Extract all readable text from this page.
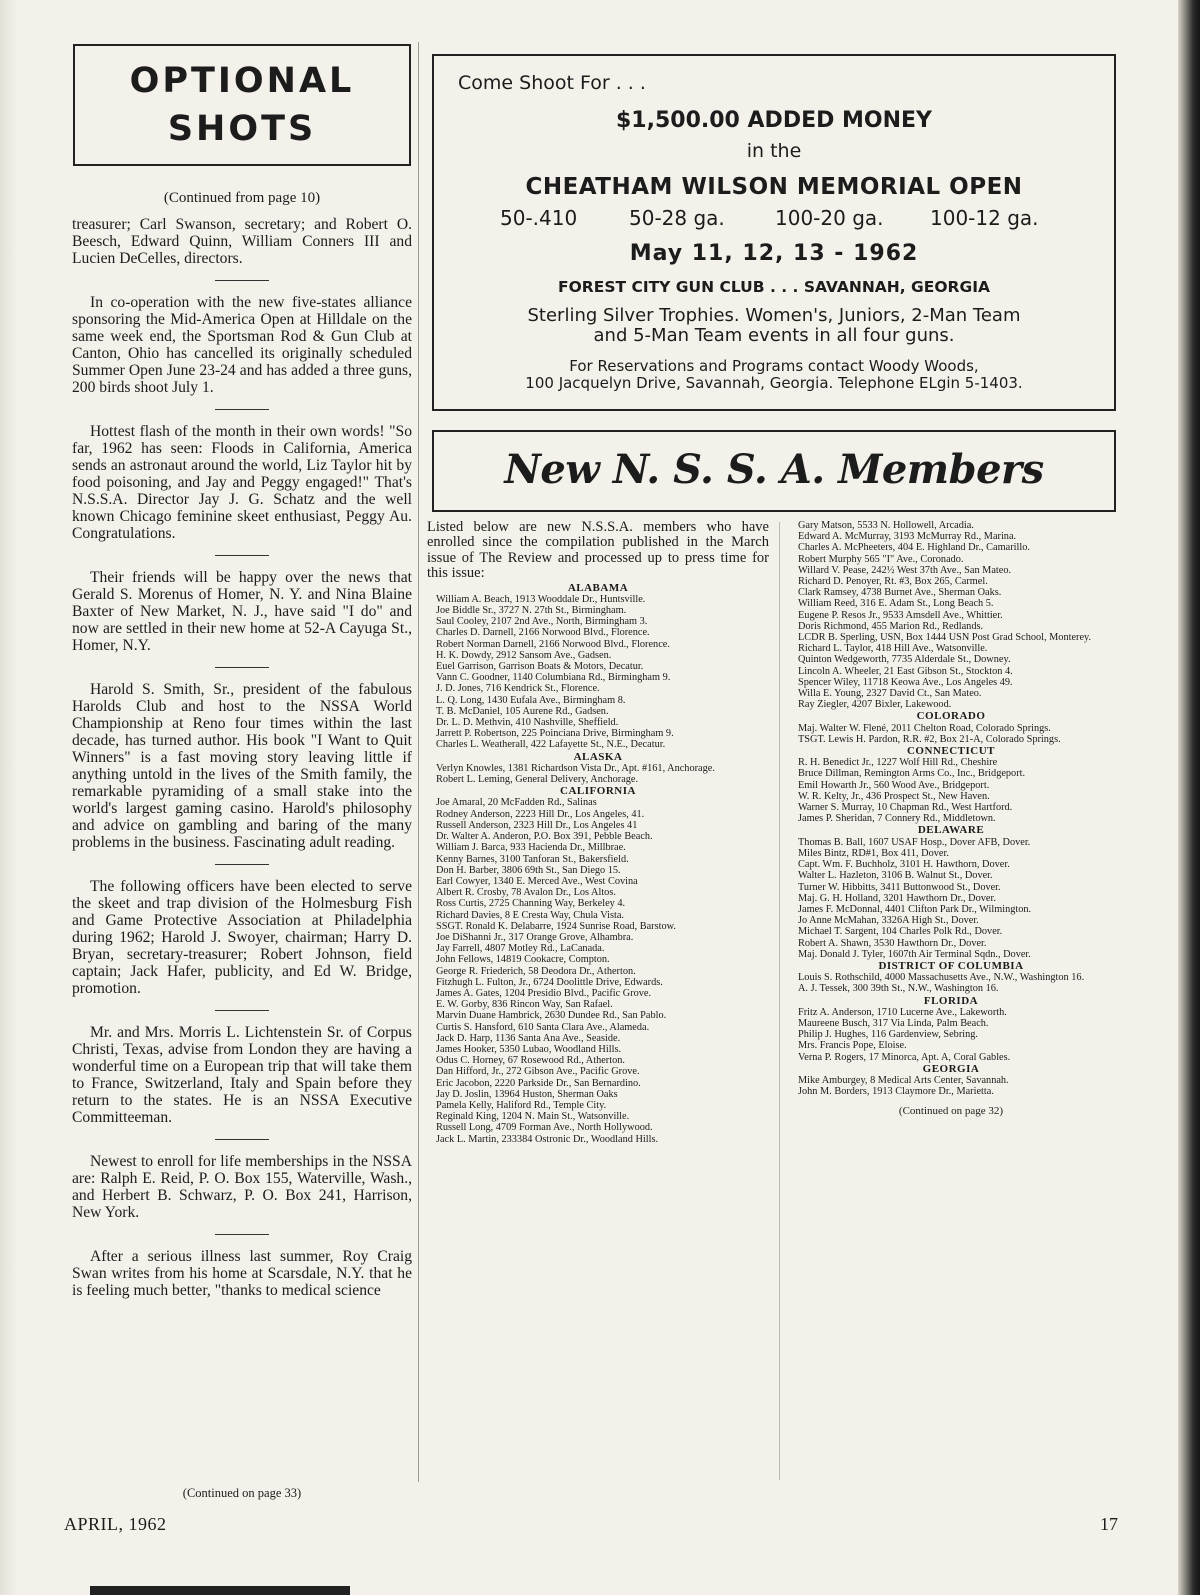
OPTIONAL
SHOTS

(Continued from page 10)

treasurer; Carl Swanson, secretary; and Robert O. Beesch, Edward Quinn, William Conners III and Lucien DeCelles, directors.

In co-operation with the new five-states alliance sponsoring the Mid-America Open at Hilldale on the same week end, the Sportsman Rod & Gun Club at Canton, Ohio has cancelled its originally scheduled Summer Open June 23-24 and has added a three guns, 200 birds shoot July 1.

Hottest flash of the month in their own words! "So far, 1962 has seen: Floods in California, America sends an astronaut around the world, Liz Taylor hit by food poisoning, and Jay and Peggy engaged!" That's N.S.S.A. Director Jay J. G. Schatz and the well known Chicago feminine skeet enthusiast, Peggy Au. Congratulations.

Their friends will be happy over the news that Gerald S. Morenus of Homer, N. Y. and Nina Blaine Baxter of New Market, N. J., have said "I do" and now are settled in their new home at 52-A Cayuga St., Homer, N.Y.

Harold S. Smith, Sr., president of the fabulous Harolds Club and host to the NSSA World Championship at Reno four times within the last decade, has turned author. His book "I Want to Quit Winners" is a fast moving story leaving little if anything untold in the lives of the Smith family, the remarkable pyramiding of a small stake into the world's largest gaming casino. Harold's philosophy and advice on gambling and baring of the many problems in the business. Fascinating adult reading.

The following officers have been elected to serve the skeet and trap division of the Holmesburg Fish and Game Protective Association at Philadelphia during 1962; Harold J. Swoyer, chairman; Harry D. Bryan, secretary-treasurer; Robert Johnson, field captain; Jack Hafer, publicity, and Ed W. Bridge, promotion.

Mr. and Mrs. Morris L. Lichtenstein Sr. of Corpus Christi, Texas, advise from London they are having a wonderful time on a European trip that will take them to France, Switzerland, Italy and Spain before they return to the states. He is an NSSA Executive Committeeman.

Newest to enroll for life memberships in the NSSA are: Ralph E. Reid, P. O. Box 155, Waterville, Wash., and Herbert B. Schwarz, P. O. Box 241, Harrison, New York.

After a serious illness last summer, Roy Craig Swan writes from his home at Scarsdale, N.Y. that he is feeling much better, "thanks to medical science

(Continued on page 33)
Come Shoot For . . .
$1,500.00 ADDED MONEY
in the
CHEATHAM WILSON MEMORIAL OPEN
50-.410	50-28 ga.	100-20 ga. 100-12 ga.
May 11, 12, 13 - 1962
FOREST CITY GUN CLUB . . . SAVANNAH, GEORGIA
Sterling Silver Trophies. Women's, Juniors, 2-Man Team
and 5-Man Team events in all four guns.
For Reservations and Programs contact Woody Woods,
100 Jacquelyn Drive, Savannah, Georgia. Telephone ELgin 5-1403.
New N. S. S. A. Members
Listed below are new N.S.S.A. members who have enrolled since the compilation published in the March issue of The Review and processed up to press time for this issue:
ALABAMA
William A. Beach, 1913 Wooddale Dr., Huntsville.
Joe Biddle Sr., 3727 N. 27th St., Birmingham.
Saul Cooley, 2107 2nd Ave., North, Birmingham 3.
Charles D. Darnell, 2166 Norwood Blvd., Florence.
Robert Norman Darnell, 2166 Norwood Blvd., Florence.
H. K. Dowdy, 2912 Sansom Ave., Gadsen.
Euel Garrison, Garrison Boats & Motors, Decatur.
Vann C. Goodner, 1140 Columbiana Rd., Birmingham 9.
J. D. Jones, 716 Kendrick St., Florence.
L. Q. Long, 1430 Eufala Ave., Birmingham 8.
T. B. McDaniel, 105 Aurene Rd., Gadsen.
Dr. L. D. Methvin, 410 Nashville, Sheffield.
Jarrett P. Robertson, 225 Poinciana Drive, Birmingham 9.
Charles L. Weatherall, 422 Lafayette St., N.E., Decatur.
ALASKA
Verlyn Knowles, 1381 Richardson Vista Dr., Apt. #161, Anchorage.
Robert L. Leming, General Delivery, Anchorage.
CALIFORNIA
Joe Amaral, 20 McFadden Rd., Salinas
Rodney Anderson, 2223 Hill Dr., Los Angeles, 41.
Russell Anderson, 2323 Hill Dr., Los Angeles 41
Dr. Walter A. Anderon, P.O. Box 391, Pebble Beach.
William J. Barca, 933 Hacienda Dr., Millbrae.
Kenny Barnes, 3100 Tanforan St., Bakersfield.
Don H. Barber, 3806 69th St., San Diego 15.
Earl Cowyer, 1340 E. Merced Ave., West Covina
Albert R. Crosby, 78 Avalon Dr., Los Altos.
Ross Curtis, 2725 Channing Way, Berkeley 4.
Richard Davies, 8 E Cresta Way, Chula Vista.
SSGT. Ronald K. Delabarre, 1924 Sunrise Road, Barstow.
Joe DiShanni Jr., 317 Orange Grove, Alhambra.
Jay Farrell, 4807 Motley Rd., LaCanada.
John Fellows, 14819 Cookacre, Compton.
George R. Friederich, 58 Deodora Dr., Atherton.
Fitzhugh L. Fulton, Jr., 6724 Doolittle Drive, Edwards.
James A. Gates, 1204 Presidio Blvd., Pacific Grove.
E. W. Gorby, 836 Rincon Way, San Rafael.
Marvin Duane Hambrick, 2630 Dundee Rd., San Pablo.
Curtis S. Hansford, 610 Santa Clara Ave., Alameda.
Jack D. Harp, 1136 Santa Ana Ave., Seaside.
James Hooker, 5350 Lubao, Woodland Hills.
Odus C. Horney, 67 Rosewood Rd., Atherton.
Dan Hifford, Jr., 272 Gibson Ave., Pacific Grove.
Eric Jacobon, 2220 Parkside Dr., San Bernardino.
Jay D. Joslin, 13964 Huston, Sherman Oaks
Pamela Kelly, Haliford Rd., Temple City.
Reginald King, 1204 N. Main St., Watsonville.
Russell Long, 4709 Forman Ave., North Hollywood.
Jack L. Martin, 233384 Ostronic Dr., Woodland Hills.
Gary Matson, 5533 N. Hollowell, Arcadia.
Edward A. McMurray, 3193 McMurray Rd., Marina.
Charles A. McPheeters, 404 E. Highland Dr., Camarillo.
Robert Murphy 565 "I" Ave., Coronado.
Willard V. Pease, 242½ West 37th Ave., San Mateo.
Richard D. Penoyer, Rt. #3, Box 265, Carmel.
Clark Ramsey, 4738 Burnet Ave., Sherman Oaks.
William Reed, 316 E. Adam St., Long Beach 5.
Eugene P. Resos Jr., 9533 Amsdell Ave., Whittier.
Doris Richmond, 455 Marion Rd., Redlands.
LCDR B. Sperling, USN, Box 1444 USN Post Grad School, Monterey.
Richard L. Taylor, 418 Hill Ave., Watsonville.
Quinton Wedgeworth, 7735 Alderdale St., Downey.
Lincoln A. Wheeler, 21 East Gibson St., Stockton 4.
Spencer Wiley, 11718 Keowa Ave., Los Angeles 49.
Willa E. Young, 2327 David Ct., San Mateo.
Ray Ziegler, 4207 Bixler, Lakewood.
COLORADO
Maj. Walter W. Flené, 2011 Chelton Road, Colorado Springs.
TSGT. Lewis H. Pardon, R.R. #2, Box 21-A, Colorado Springs.
CONNECTICUT
R. H. Benedict Jr., 1227 Wolf Hill Rd., Cheshire
Bruce Dillman, Remington Arms Co., Inc., Bridgeport.
Emil Howarth Jr., 560 Wood Ave., Bridgeport.
W. R. Kelty, Jr., 436 Prospect St., New Haven.
Warner S. Murray, 10 Chapman Rd., West Hartford.
James P. Sheridan, 7 Connery Rd., Middletown.
DELAWARE
Thomas B. Ball, 1607 USAF Hosp., Dover AFB, Dover.
Miles Bintz, RD#1, Box 411, Dover.
Capt. Wm. F. Buchholz, 3101 H. Hawthorn, Dover.
Walter L. Hazleton, 3106 B. Walnut St., Dover.
Turner W. Hibbitts, 3411 Buttonwood St., Dover.
Maj. G. H. Holland, 3201 Hawthorn Dr., Dover.
James F. McDonnal, 4401 Clifton Park Dr., Wilmington.
Jo Anne McMahan, 3326A High St., Dover.
Michael T. Sargent, 104 Charles Polk Rd., Dover.
Robert A. Shawn, 3530 Hawthorn Dr., Dover.
Maj. Donald J. Tyler, 1607th Air Terminal Sqdn., Dover.
DISTRICT OF COLUMBIA
Louis S. Rothschild, 4000 Massachusetts Ave., N.W., Washington 16.
A. J. Tessek, 300 39th St., N.W., Washington 16.
FLORIDA
Fritz A. Anderson, 1710 Lucerne Ave., Lakeworth.
Maureene Busch, 317 Via Linda, Palm Beach.
Philip J. Hughes, 116 Gardenview, Sebring.
Mrs. Francis Pope, Eloise.
Verna P. Rogers, 17 Minorca, Apt. A, Coral Gables.
GEORGIA
Mike Amburgey, 8 Medical Arts Center, Savannah.
John M. Borders, 1913 Claymore Dr., Marietta.
(Continued on page 32)
APRIL, 1962	17
